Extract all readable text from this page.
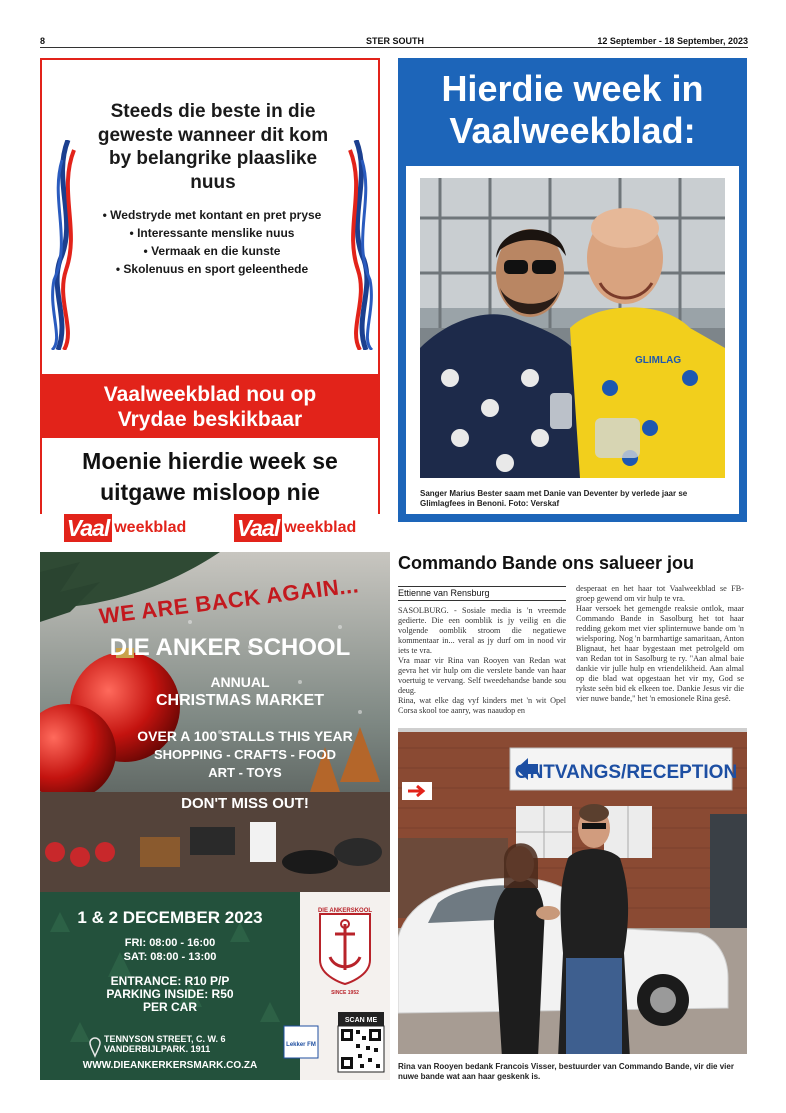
8	STER SOUTH	12 September - 18 September, 2023
Steeds die beste in die
geweste wanneer dit kom
by belangrike plaaslike
nuus
• Wedstryde met kontant en pret pryse
• Interessante menslike nuus
• Vermaak en die kunste
• Skolenuus en sport geleenthede
Vaalweekblad nou op
Vrydae beskikbaar
Moenie hierdie week se
uitgawe misloop nie
Vaal weekblad Vaal weekblad
Hierdie week in
Vaalweekblad:
GLIMLAG
Sanger Marius Bester saam met Danie van Deventer by verlede jaar se Glimlagfees in Benoni. Foto: Verskaf
DIE ANKERSKOOL
SINCE 1952
Lekker FM
SCAN ME
WE ARE BACK AGAIN...
DIE ANKER SCHOOL
ANNUAL
CHRISTMAS MARKET
OVER A 100 STALLS THIS YEAR
SHOPPING - CRAFTS - FOOD
ART - TOYS
DON'T MISS OUT!
1 & 2 DECEMBER 2023
FRI: 08:00 - 16:00
SAT: 08:00 - 13:00
ENTRANCE: R10 P/P
PARKING INSIDE: R50
PER CAR
TENNYSON STREET, C. W. 6
VANDERBIJLPARK. 1911
WWW.DIEANKERKERSMARK.CO.ZA
Commando Bande ons salueer jou
Ettienne van Rensburg

SASOLBURG. - Sosiale media is 'n vreemde gedierte. Die een oomblik is jy veilig en die volgende oomblik stroom die negatiewe kommentaar in... veral as jy durf om in nood vir iets te vra.

Vra maar vir Rina van Rooyen van Redan wat gevra het vir hulp om die verslete bande van haar voertuig te vervang. Self tweedehandse bande sou deug.

Rina, wat elke dag vyf kinders met 'n wit Opel Corsa skool toe aanry, was naaudop en

desperaat en het haar tot Vaalweekblad se FB-groep gewend om vir hulp te vra.

Haar versoek het gemengde reaksie ontlok, maar Commando Bande in Sasolburg het tot haar redding gekom met vier splinternuwe bande om 'n wielsporing. Nog 'n barmhartige samaritaan, Anton Blignaut, het haar bygestaan met petrolgeld om van Redan tot in Sasolburg te ry. "Aan almal baie dankie vir julle hulp en vriendelikheid. Aan almal op die blad wat opgestaan het vir my, God se rykste seën bid ek elkeen toe. Dankie Jesus vir die vier nuwe bande," het 'n emosionele Rina gesê.

ONTVANGS/RECEPTION
Rina van Rooyen bedank Francois Visser, bestuurder van Commando Bande, vir die vier nuwe bande wat aan haar geskenk is.
